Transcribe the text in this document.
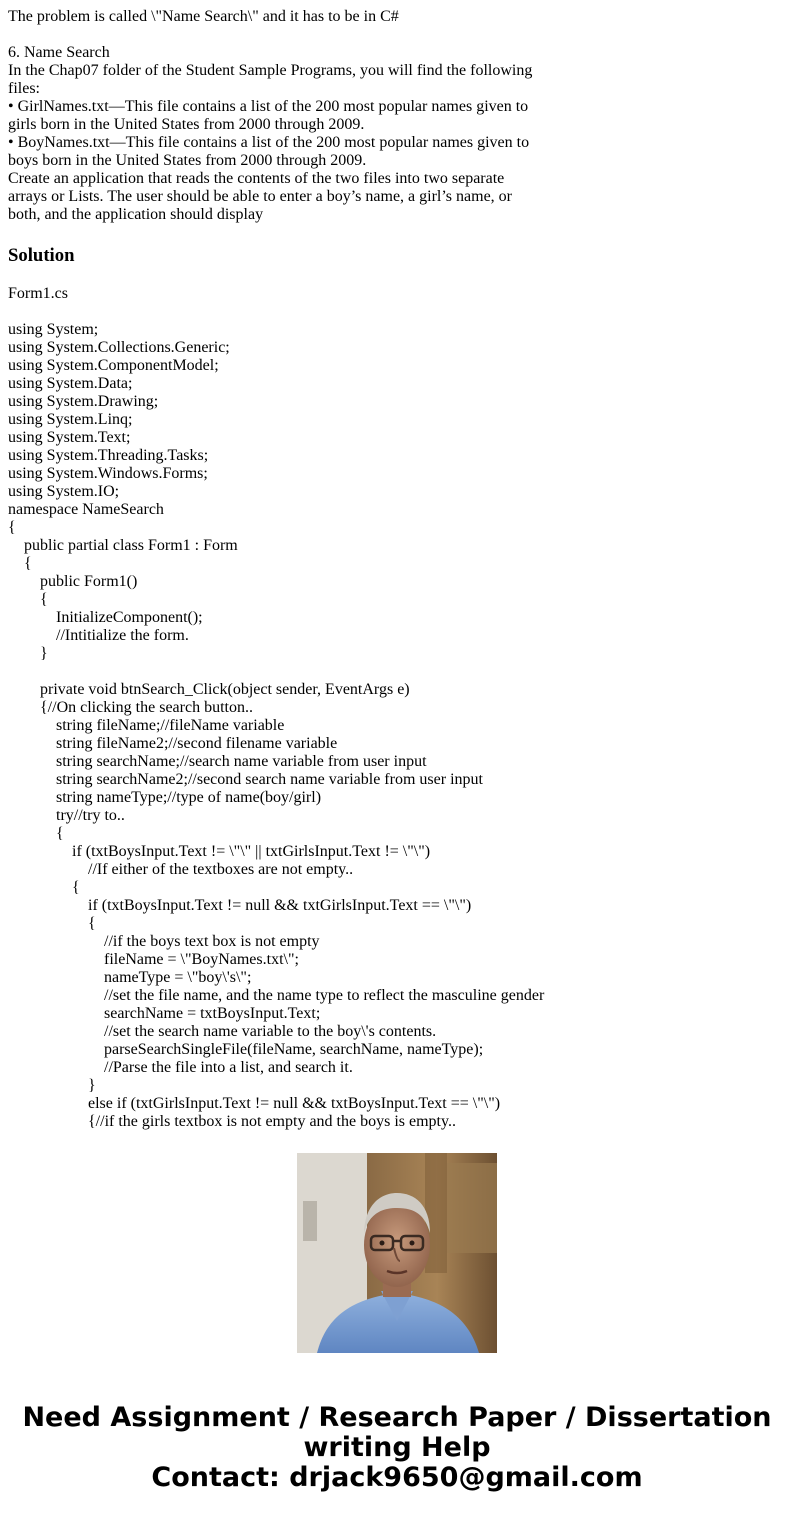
The problem is called \"Name Search\" and it has to be in C#
6. Name Search
In the Chap07 folder of the Student Sample Programs, you will find the following
files:
• GirlNames.txt—This file contains a list of the 200 most popular names given to
girls born in the United States from 2000 through 2009.
• BoyNames.txt—This file contains a list of the 200 most popular names given to
boys born in the United States from 2000 through 2009.
Create an application that reads the contents of the two files into two separate
arrays or Lists. The user should be able to enter a boy’s name, a girl’s name, or
both, and the application should display
Solution
Form1.cs
using System;
using System.Collections.Generic;
using System.ComponentModel;
using System.Data;
using System.Drawing;
using System.Linq;
using System.Text;
using System.Threading.Tasks;
using System.Windows.Forms;
using System.IO;
namespace NameSearch
{
public partial class Form1 : Form
{
public Form1()
{
InitializeComponent();
//Intitialize the form.
}
private void btnSearch_Click(object sender, EventArgs e)
{//On clicking the search button..
string fileName;//fileName variable
string fileName2;//second filename variable
string searchName;//search name variable from user input
string searchName2;//second search name variable from user input
string nameType;//type of name(boy/girl)
try//try to..
{
if (txtBoysInput.Text != \"\" || txtGirlsInput.Text != \"\")
//If either of the textboxes are not empty..
{
if (txtBoysInput.Text != null && txtGirlsInput.Text == \"\")
{
//if the boys text box is not empty
fileName = \"BoyNames.txt\";
nameType = \"boy\'s\";
//set the file name, and the name type to reflect the masculine gender
searchName = txtBoysInput.Text;
//set the search name variable to the boy\'s contents.
parseSearchSingleFile(fileName, searchName, nameType);
//Parse the file into a list, and search it.
}
else if (txtGirlsInput.Text != null && txtBoysInput.Text == \"\")
{//if the girls textbox is not empty and the boys is empty..
Need Assignment / Research Paper / Dissertation
writing Help
Contact: drjack9650@gmail.com
